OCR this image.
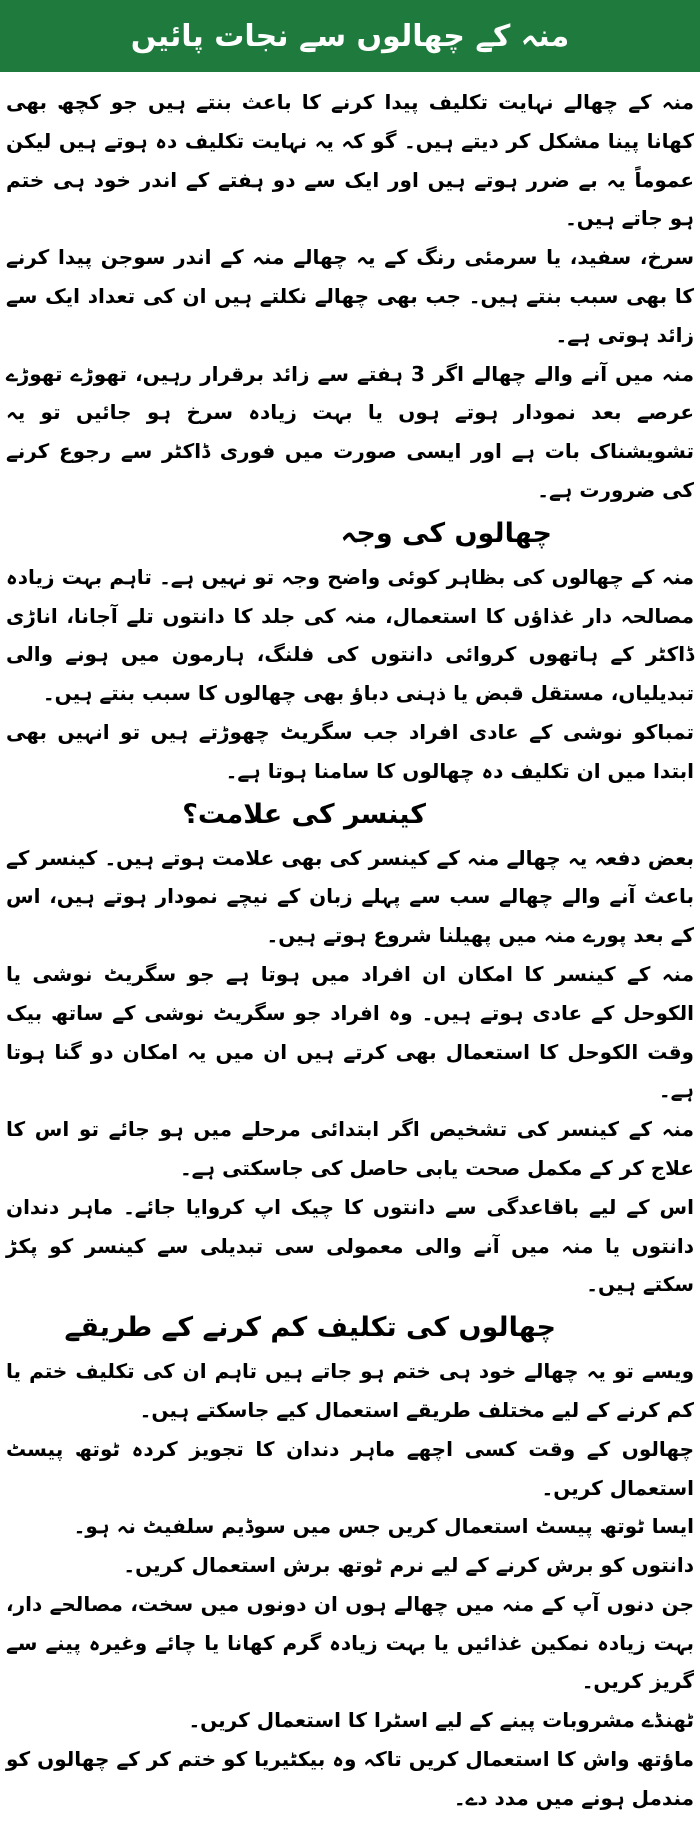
منہ کے چھالوں سے نجات پائیں

منہ کے چھالے نہایت تکلیف پیدا کرنے کا باعث بنتے ہیں جو کچھ بھی کھانا پینا مشکل کر دیتے ہیں۔ گو کہ یہ نہایت تکلیف دہ ہوتے ہیں لیکن عموماً یہ بے ضرر ہوتے ہیں اور ایک سے دو ہفتے کے اندر خود ہی ختم ہو جاتے ہیں۔

سرخ، سفید، یا سرمئی رنگ کے یہ چھالے منہ کے اندر سوجن پیدا کرنے کا بھی سبب بنتے ہیں۔ جب بھی چھالے نکلتے ہیں ان کی تعداد ایک سے زائد ہوتی ہے۔

منہ میں آنے والے چھالے اگر 3 ہفتے سے زائد برقرار رہیں، تھوڑے تھوڑے عرصے بعد نمودار ہوتے ہوں یا بہت زیادہ سرخ ہو جائیں تو یہ تشویشناک بات ہے اور ایسی صورت میں فوری ڈاکٹر سے رجوع کرنے کی ضرورت ہے۔

چھالوں کی وجہ

منہ کے چھالوں کی بظاہر کوئی واضح وجہ تو نہیں ہے۔ تاہم بہت زیادہ مصالحہ دار غذاؤں کا استعمال، منہ کی جلد کا دانتوں تلے آجانا، اناڑی ڈاکٹر کے ہاتھوں کروائی دانتوں کی فلنگ، ہارمون میں ہونے والی تبدیلیاں، مستقل قبض یا ذہنی دباؤ بھی چھالوں کا سبب بنتے ہیں۔

تمباکو نوشی کے عادی افراد جب سگریٹ چھوڑتے ہیں تو انہیں بھی ابتدا میں ان تکلیف دہ چھالوں کا سامنا ہوتا ہے۔

کینسر کی علامت؟

بعض دفعہ یہ چھالے منہ کے کینسر کی بھی علامت ہوتے ہیں۔ کینسر کے باعث آنے والے چھالے سب سے پہلے زبان کے نیچے نمودار ہوتے ہیں، اس کے بعد پورے منہ میں پھیلنا شروع ہوتے ہیں۔

منہ کے کینسر کا امکان ان افراد میں ہوتا ہے جو سگریٹ نوشی یا الکوحل کے عادی ہوتے ہیں۔ وہ افراد جو سگریٹ نوشی کے ساتھ بیک وقت الکوحل کا استعمال بھی کرتے ہیں ان میں یہ امکان دو گنا ہوتا ہے۔

منہ کے کینسر کی تشخیص اگر ابتدائی مرحلے میں ہو جائے تو اس کا علاج کر کے مکمل صحت یابی حاصل کی جاسکتی ہے۔

اس کے لیے باقاعدگی سے دانتوں کا چیک اپ کروایا جائے۔ ماہر دندان دانتوں یا منہ میں آنے والی معمولی سی تبدیلی سے کینسر کو پکڑ سکتے ہیں۔

چھالوں کی تکلیف کم کرنے کے طریقے

ویسے تو یہ چھالے خود ہی ختم ہو جاتے ہیں تاہم ان کی تکلیف ختم یا کم کرنے کے لیے مختلف طریقے استعمال کیے جاسکتے ہیں۔

چھالوں کے وقت کسی اچھے ماہر دندان کا تجویز کردہ ٹوتھ پیسٹ استعمال کریں۔

ایسا ٹوتھ پیسٹ استعمال کریں جس میں سوڈیم سلفیٹ نہ ہو۔

دانتوں کو برش کرنے کے لیے نرم ٹوتھ برش استعمال کریں۔

جن دنوں آپ کے منہ میں چھالے ہوں ان دونوں میں سخت، مصالحے دار، بہت زیادہ نمکین غذائیں یا بہت زیادہ گرم کھانا یا چائے وغیرہ پینے سے گریز کریں۔

ٹھنڈے مشروبات پینے کے لیے اسٹرا کا استعمال کریں۔

ماؤتھ واش کا استعمال کریں تاکہ وہ بیکٹیریا کو ختم کر کے چھالوں کو مندمل ہونے میں مدد دے۔
